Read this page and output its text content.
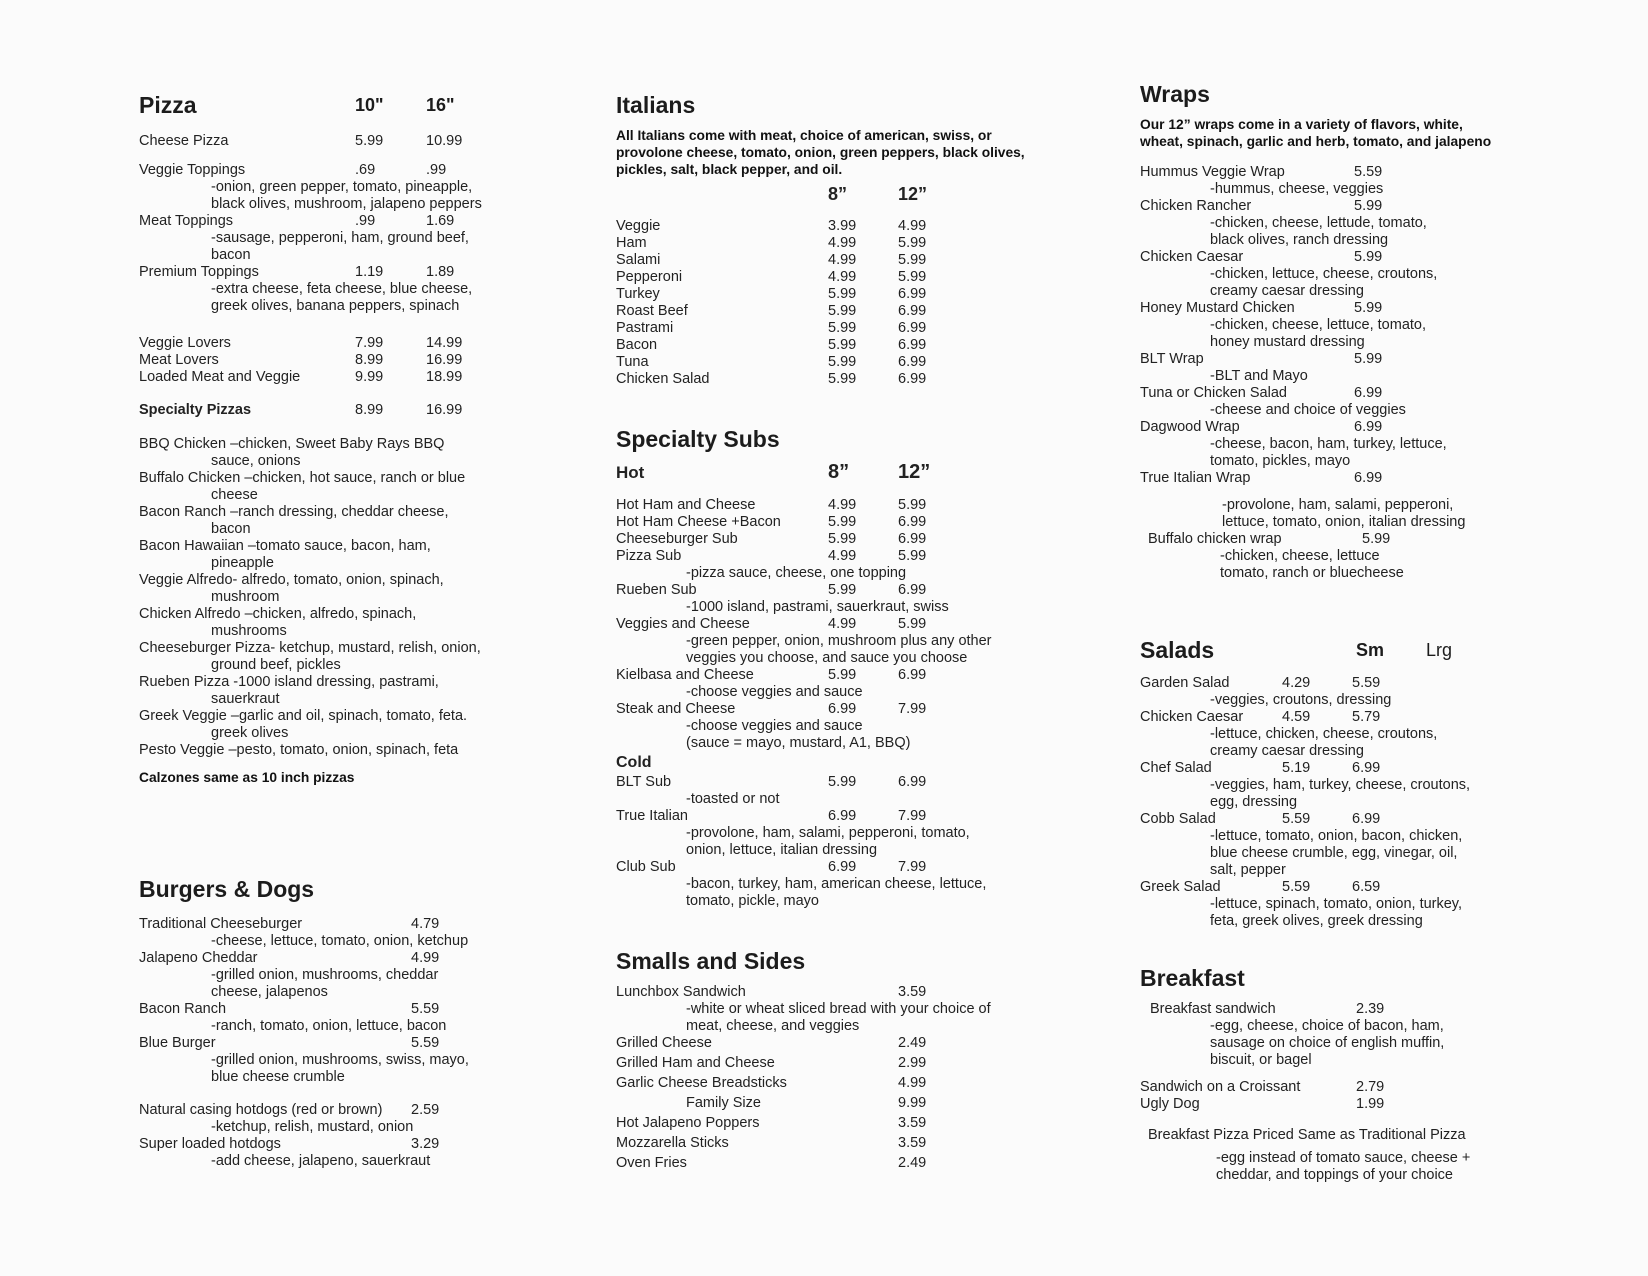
Pizza	10" 16"
Cheese Pizza	5.99	10.99
Veggie Toppings	.69	.99
-onion, green pepper, tomato, pineapple,
black olives, mushroom, jalapeno peppers
Meat Toppings	.99	1.69
-sausage, pepperoni, ham, ground beef,
bacon
Premium Toppings	1.19	1.89
-extra cheese, feta cheese, blue cheese,
greek olives, banana peppers, spinach
Veggie Lovers	7.99	14.99
Meat Lovers	8.99	16.99
Loaded Meat and Veggie	9.99	18.99
Specialty Pizzas	8.99	16.99
BBQ Chicken –chicken, Sweet Baby Rays BBQ
sauce, onions
Buffalo Chicken –chicken, hot sauce, ranch or blue
cheese
Bacon Ranch –ranch dressing, cheddar cheese,
bacon
Bacon Hawaiian –tomato sauce, bacon, ham,
pineapple
Veggie Alfredo- alfredo, tomato, onion, spinach,
mushroom
Chicken Alfredo –chicken, alfredo, spinach,
mushrooms
Cheeseburger Pizza- ketchup, mustard, relish, onion,
ground beef, pickles
Rueben Pizza -1000 island dressing, pastrami,
sauerkraut
Greek Veggie –garlic and oil, spinach, tomato, feta.
greek olives
Pesto Veggie –pesto, tomato, onion, spinach, feta
Calzones same as 10 inch pizzas
Burgers & Dogs
Traditional Cheeseburger	4.79
-cheese, lettuce, tomato, onion, ketchup
Jalapeno Cheddar	4.99
-grilled onion, mushrooms, cheddar
cheese, jalapenos
Bacon Ranch	5.59
-ranch, tomato, onion, lettuce, bacon
Blue Burger	5.59
-grilled onion, mushrooms, swiss, mayo,
blue cheese crumble
Natural casing hotdogs (red or brown) 2.59
-ketchup, relish, mustard, onion
Super loaded hotdogs	3.29
-add cheese, jalapeno, sauerkraut
Italians
All Italians come with meat, choice of american, swiss, or provolone cheese, tomato, onion, green peppers, black olives, pickles, salt, black pepper, and oil.
8”	12”
Veggie	3.99	4.99
Ham	4.99	5.99
Salami	4.99	5.99
Pepperoni	4.99	5.99
Turkey	5.99	6.99
Roast Beef	5.99	6.99
Pastrami	5.99	6.99
Bacon	5.99	6.99
Tuna	5.99	6.99
Chicken Salad	5.99	6.99
Specialty Subs
Hot	8” 12”
Hot Ham and Cheese	4.99	5.99
Hot Ham Cheese +Bacon	5.99	6.99
Cheeseburger Sub	5.99	6.99
Pizza Sub	4.99	5.99
-pizza sauce, cheese, one topping
Rueben Sub	5.99	6.99
-1000 island, pastrami, sauerkraut, swiss
Veggies and Cheese	4.99	5.99
-green pepper, onion, mushroom plus any other
veggies you choose, and sauce you choose
Kielbasa and Cheese	5.99	6.99
-choose veggies and sauce
Steak and Cheese	6.99	7.99
-choose veggies and sauce
(sauce = mayo, mustard, A1, BBQ)
Cold
BLT Sub	5.99	6.99
-toasted or not
True Italian	6.99	7.99
-provolone, ham, salami, pepperoni, tomato,
onion, lettuce, italian dressing
Club Sub	6.99	7.99
-bacon, turkey, ham, american cheese, lettuce,
tomato, pickle, mayo
Smalls and Sides
Lunchbox Sandwich	3.59
-white or wheat sliced bread with your choice of
meat, cheese, and veggies
Grilled Cheese	2.49
Grilled Ham and Cheese	2.99
Garlic Cheese Breadsticks	4.99
Family Size	9.99
Hot Jalapeno Poppers	3.59
Mozzarella Sticks	3.59
Oven Fries	2.49
Wraps
Our 12” wraps come in a variety of flavors, white, wheat, spinach, garlic and herb, tomato, and jalapeno
Hummus Veggie Wrap	5.59
-hummus, cheese, veggies
Chicken Rancher	5.99
-chicken, cheese, lettude, tomato,
black olives, ranch dressing
Chicken Caesar	5.99
-chicken, lettuce, cheese, croutons,
creamy caesar dressing
Honey Mustard Chicken	5.99
-chicken, cheese, lettuce, tomato,
honey mustard dressing
BLT Wrap	5.99
-BLT and Mayo
Tuna or Chicken Salad	6.99
-cheese and choice of veggies
Dagwood Wrap	6.99
-cheese, bacon, ham, turkey, lettuce,
tomato, pickles, mayo
True Italian Wrap	6.99
-provolone, ham, salami, pepperoni,
lettuce, tomato, onion, italian dressing
Buffalo chicken wrap	5.99
-chicken, cheese, lettuce
tomato, ranch or bluecheese
Salads	Sm Lrg
Garden Salad	4.29	5.59
-veggies, croutons, dressing
Chicken Caesar	4.59	5.79
-lettuce, chicken, cheese, croutons,
creamy caesar dressing
Chef Salad	5.19	6.99
-veggies, ham, turkey, cheese, croutons,
egg, dressing
Cobb Salad	5.59	6.99
-lettuce, tomato, onion, bacon, chicken,
blue cheese crumble, egg, vinegar, oil,
salt, pepper
Greek Salad	5.59	6.59
-lettuce, spinach, tomato, onion, turkey,
feta, greek olives, greek dressing
Breakfast
Breakfast sandwich	2.39
-egg, cheese, choice of bacon, ham,
sausage on choice of english muffin,
biscuit, or bagel
Sandwich on a Croissant	2.79
Ugly Dog	1.99
Breakfast Pizza Priced Same as Traditional Pizza
-egg instead of tomato sauce, cheese +
cheddar, and toppings of your choice
